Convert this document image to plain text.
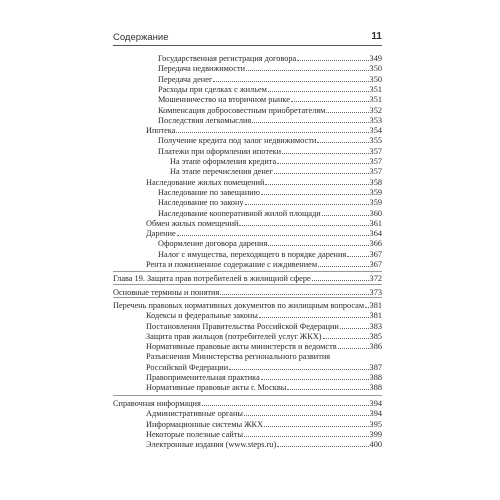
Содержание	11
Государственная регистрация договора	349
Передача недвижимости	350
Передача денег	350
Расходы при сделках с жильем	351
Мошенничество на вторичном рынке	351
Компенсация добросовестным приобретателям	352
Последствия легкомыслия	353
Ипотека	354
Получение кредита под залог недвижимости	355
Платежи при оформлении ипотеки	357
На этапе оформления кредита	357
На этапе перечисления денег	357
Наследование жилых помещений	358
Наследование по завещанию	359
Наследование по закону	359
Наследование кооперативной жилой площади	360
Обмен жилых помещений	361
Дарение	364
Оформление договора дарения	366
Налог с имущества, переходящего в порядке дарения	367
Рента и пожизненное содержание с иждивением	367
Глава 19. Защита прав потребителей в жилищной сфере	372
Основные термины и понятия	373
Перечень правовых нормативных документов по жилищным вопросам 381
Кодексы и федеральные законы	381
Постановления Правительства Российской Федерации	383
Защита прав жильцов (потребителей услуг ЖКХ)	385
Нормативные правовые акты министерств и ведомств	386
Разъяснения Министерства регионального развития
Российской Федерации	387
Правоприменительная практика	388
Нормативные правовые акты г. Москвы	388
Справочная информация	394
Административные органы	394
Информационные системы ЖКХ	395
Некоторые полезные сайты	399
Электронные издания (www.steps.ru)	400
